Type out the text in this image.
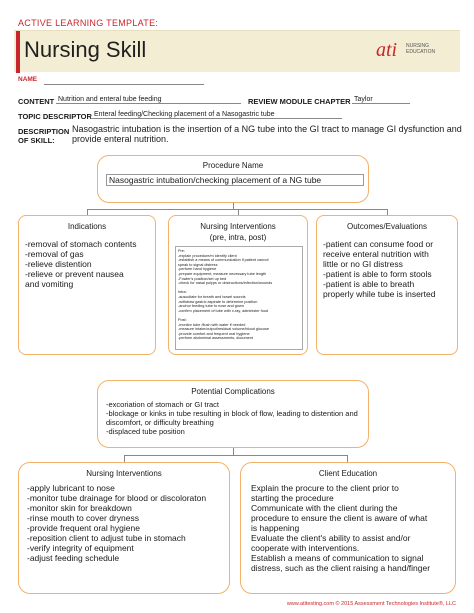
ACTIVE LEARNING TEMPLATE:
Nursing Skill	ati NURSING EDUCATION
NAME
CONTENT Nutrition and enteral tube feeding	REVIEW MODULE CHAPTER Taylor
TOPIC DESCRIPTOR Enteral feeding/Checking placement of a Nasogastric tube
DESCRIPTION
OF SKILL:
Nasogastric intubation is the insertion of a NG tube into the GI tract to manage GI dysfunction and provide enteral nutrition.
Procedure Name
Nasogastric intubation/checking placement of a NG tube
Indications
-removal of stomach contents
-removal of gas
-relieve distention
-relieve or prevent nausea
and vomiting
Nursing Interventions
(pre, intra, post)
Pre:
-explain procedure/m identify client
-establish a means of communication if patient cannot
speak to signal distress
-perform hand hygiene
-prepare equipment, measure necessary tube length
-Fowler's position/set up bed
-check for nasal polyps or obstructions/infection/wounds

Intra:
-auscultate for breath and bowel sounds
-withdraw gastric aspirate to determine position
-anchor feeding tube to nose and gown
-confirm placement of tube with x-ray, administer food

Post:
-monitor tube /flush with water if needed
-measure intake/output/residual volume/blood glucose
-provide comfort and frequent oral hygiene
-perform abdominal assessments, document
Outcomes/Evaluations
-patient can consume food or
receive enteral nutrition with
little or no GI distress
-patient is able to form stools
-patient is able to breath
properly while tube is inserted
Potential Complications
-excoriation of stomach or GI tract
-blockage or kinks in tube resulting in block of flow, leading to distention and
discomfort, or difficulty breathing
-displaced tube position
Nursing Interventions
-apply lubricant to nose
-monitor tube drainage for blood or discoloraton
-monitor skin for breakdown
-rinse mouth to cover dryness
-provide frequent oral hygiene
-reposition client to adjust tube in stomach
-verify integrity of equipment
-adjust feeding schedule
Client Education
Explain the procure to the client prior to
starting the procedure
Communicate with the client during the
procedure to ensure the client is aware of what
is happening
Evaluate the client's ability to assist and/or
cooperate with interventions.
Establish a means of communication to signal
distress, such as the client raising a hand/finger
www.atitesting.com © 2015 Assessment Technologies Institute®, LLC
